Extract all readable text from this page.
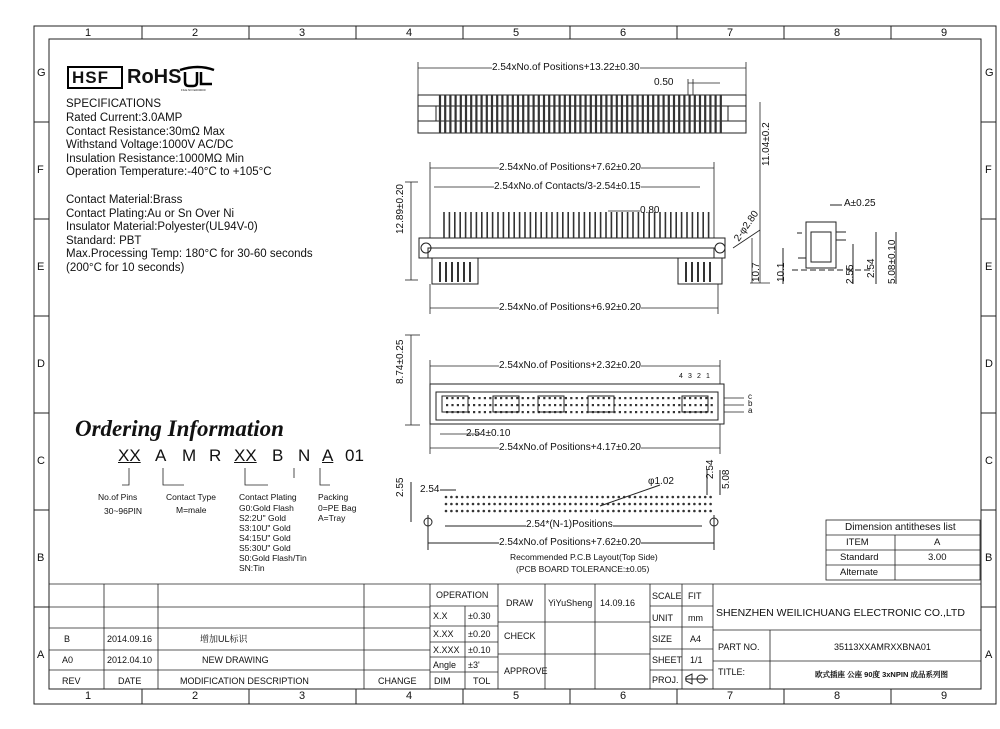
1
1
2
2
3
3
4
4
5
5
6
6
7
7
8
8
9
9
G	G
F	F
E	E
D	D
C	C
B	B
A	A
HSF RoHS
FILE NO E000000
SPECIFICATIONS
Rated Current:3.0AMP
Contact Resistance:30mΩ Max
Withstand Voltage:1000V AC/DC
Insulation Resistance:1000MΩ Min
Operation Temperature:-40°C to +105°C
Contact Material:Brass
Contact Plating:Au or Sn Over Ni
Insulator Material:Polyester(UL94V-0)
Standard: PBT
Max.Processing Temp: 180°C for 30-60 seconds
(200°C for 10 seconds)
Ordering Information
XX A M R XX B N A 01
No.of Pins
30~96PIN
Contact Type
M=male
Contact Plating
G0:Gold Flash
S2:2U" Gold
S3:10U" Gold
S4:15U" Gold
S5:30U" Gold
S0:Gold Flash/Tin
SN:Tin
Packing
0=PE Bag
A=Tray
2.54xNo.of Positions+13.22±0.30
0.50
11.04±0.2
2.54xNo.of Positions+7.62±0.20
2.54xNo.of Contacts/3-2.54±0.15
0.80
12.89±0.20	2-φ2.80
10.7
2.54xNo.of Positions+6.92±0.20
A±0.25
10.1	2.55 2.54 5.08±0.10
8.74±0.25	2.54xNo.of Positions+2.32±0.20
4 3 2 1
c
b
a
2.54±0.10
2.54xNo.of Positions+4.17±0.20
2.55 2.54
φ1.02
2.54
5.08
2.54*(N-1)Positions
2.54xNo.of Positions+7.62±0.20
Recommended P.C.B Layout(Top Side)
(PCB BOARD TOLERANCE:±0.05)
Dimension antitheses list
ITEM	A
Standard	3.00
Alternate
B	2014.09.16	增加UL标识
A0	2012.04.10	NEW DRAWING
REV	DATE	MODIFICATION DESCRIPTION	CHANGE DIM	TOL
OPERATION
X.X ±0.30
X.XX ±0.20
X.XXX ±0.10
Angle ±3'
DRAW YiYuSheng 14.09.16
CHECK
APPROVE
SCALE FIT
UNIT mm
SIZE A4
SHEET 1/1
PROJ.
SHENZHEN WEILICHUANG ELECTRONIC CO.,LTD
PART NO.	35113XXAMRXXBNA01
TITLE:	欧式插座 公座 90度 3xNPIN 成品系列图
